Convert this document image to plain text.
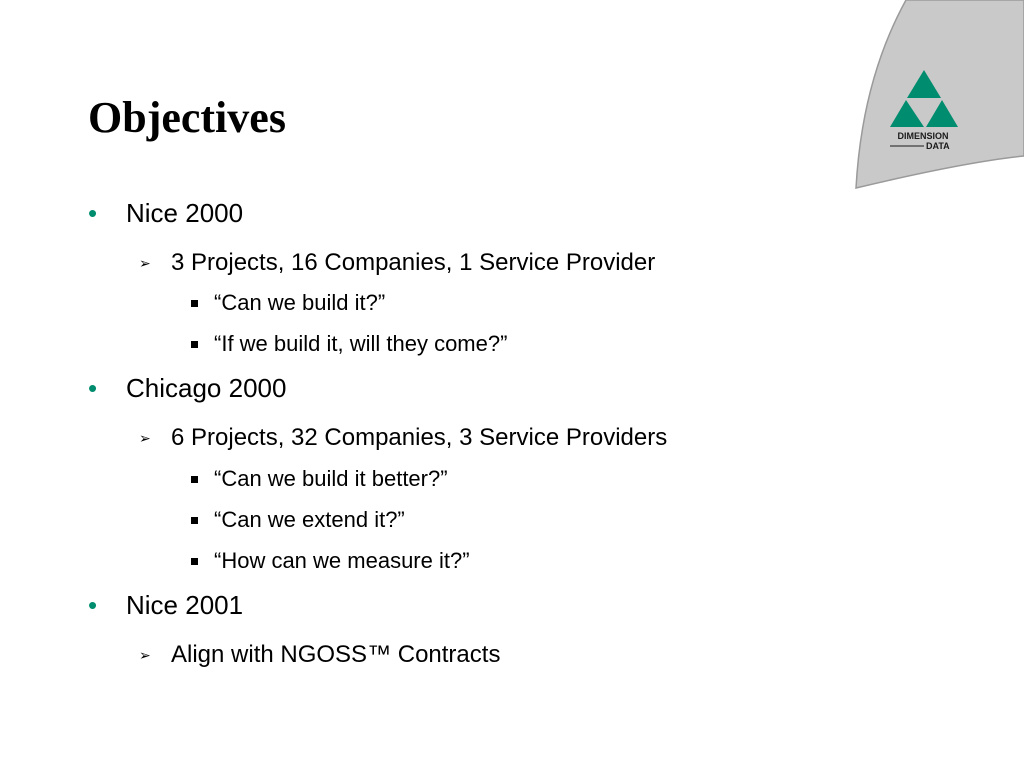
Objectives	DIMENSION
DATA
• Nice 2000
➢ 3 Projects, 16 Companies, 1 Service Provider
“Can we build it?”
“If we build it, will they come?”
• Chicago 2000
➢ 6 Projects, 32 Companies, 3 Service Providers
“Can we build it better?”
“Can we extend it?”
“How can we measure it?”
• Nice 2001
➢ Align with NGOSS™ Contracts
